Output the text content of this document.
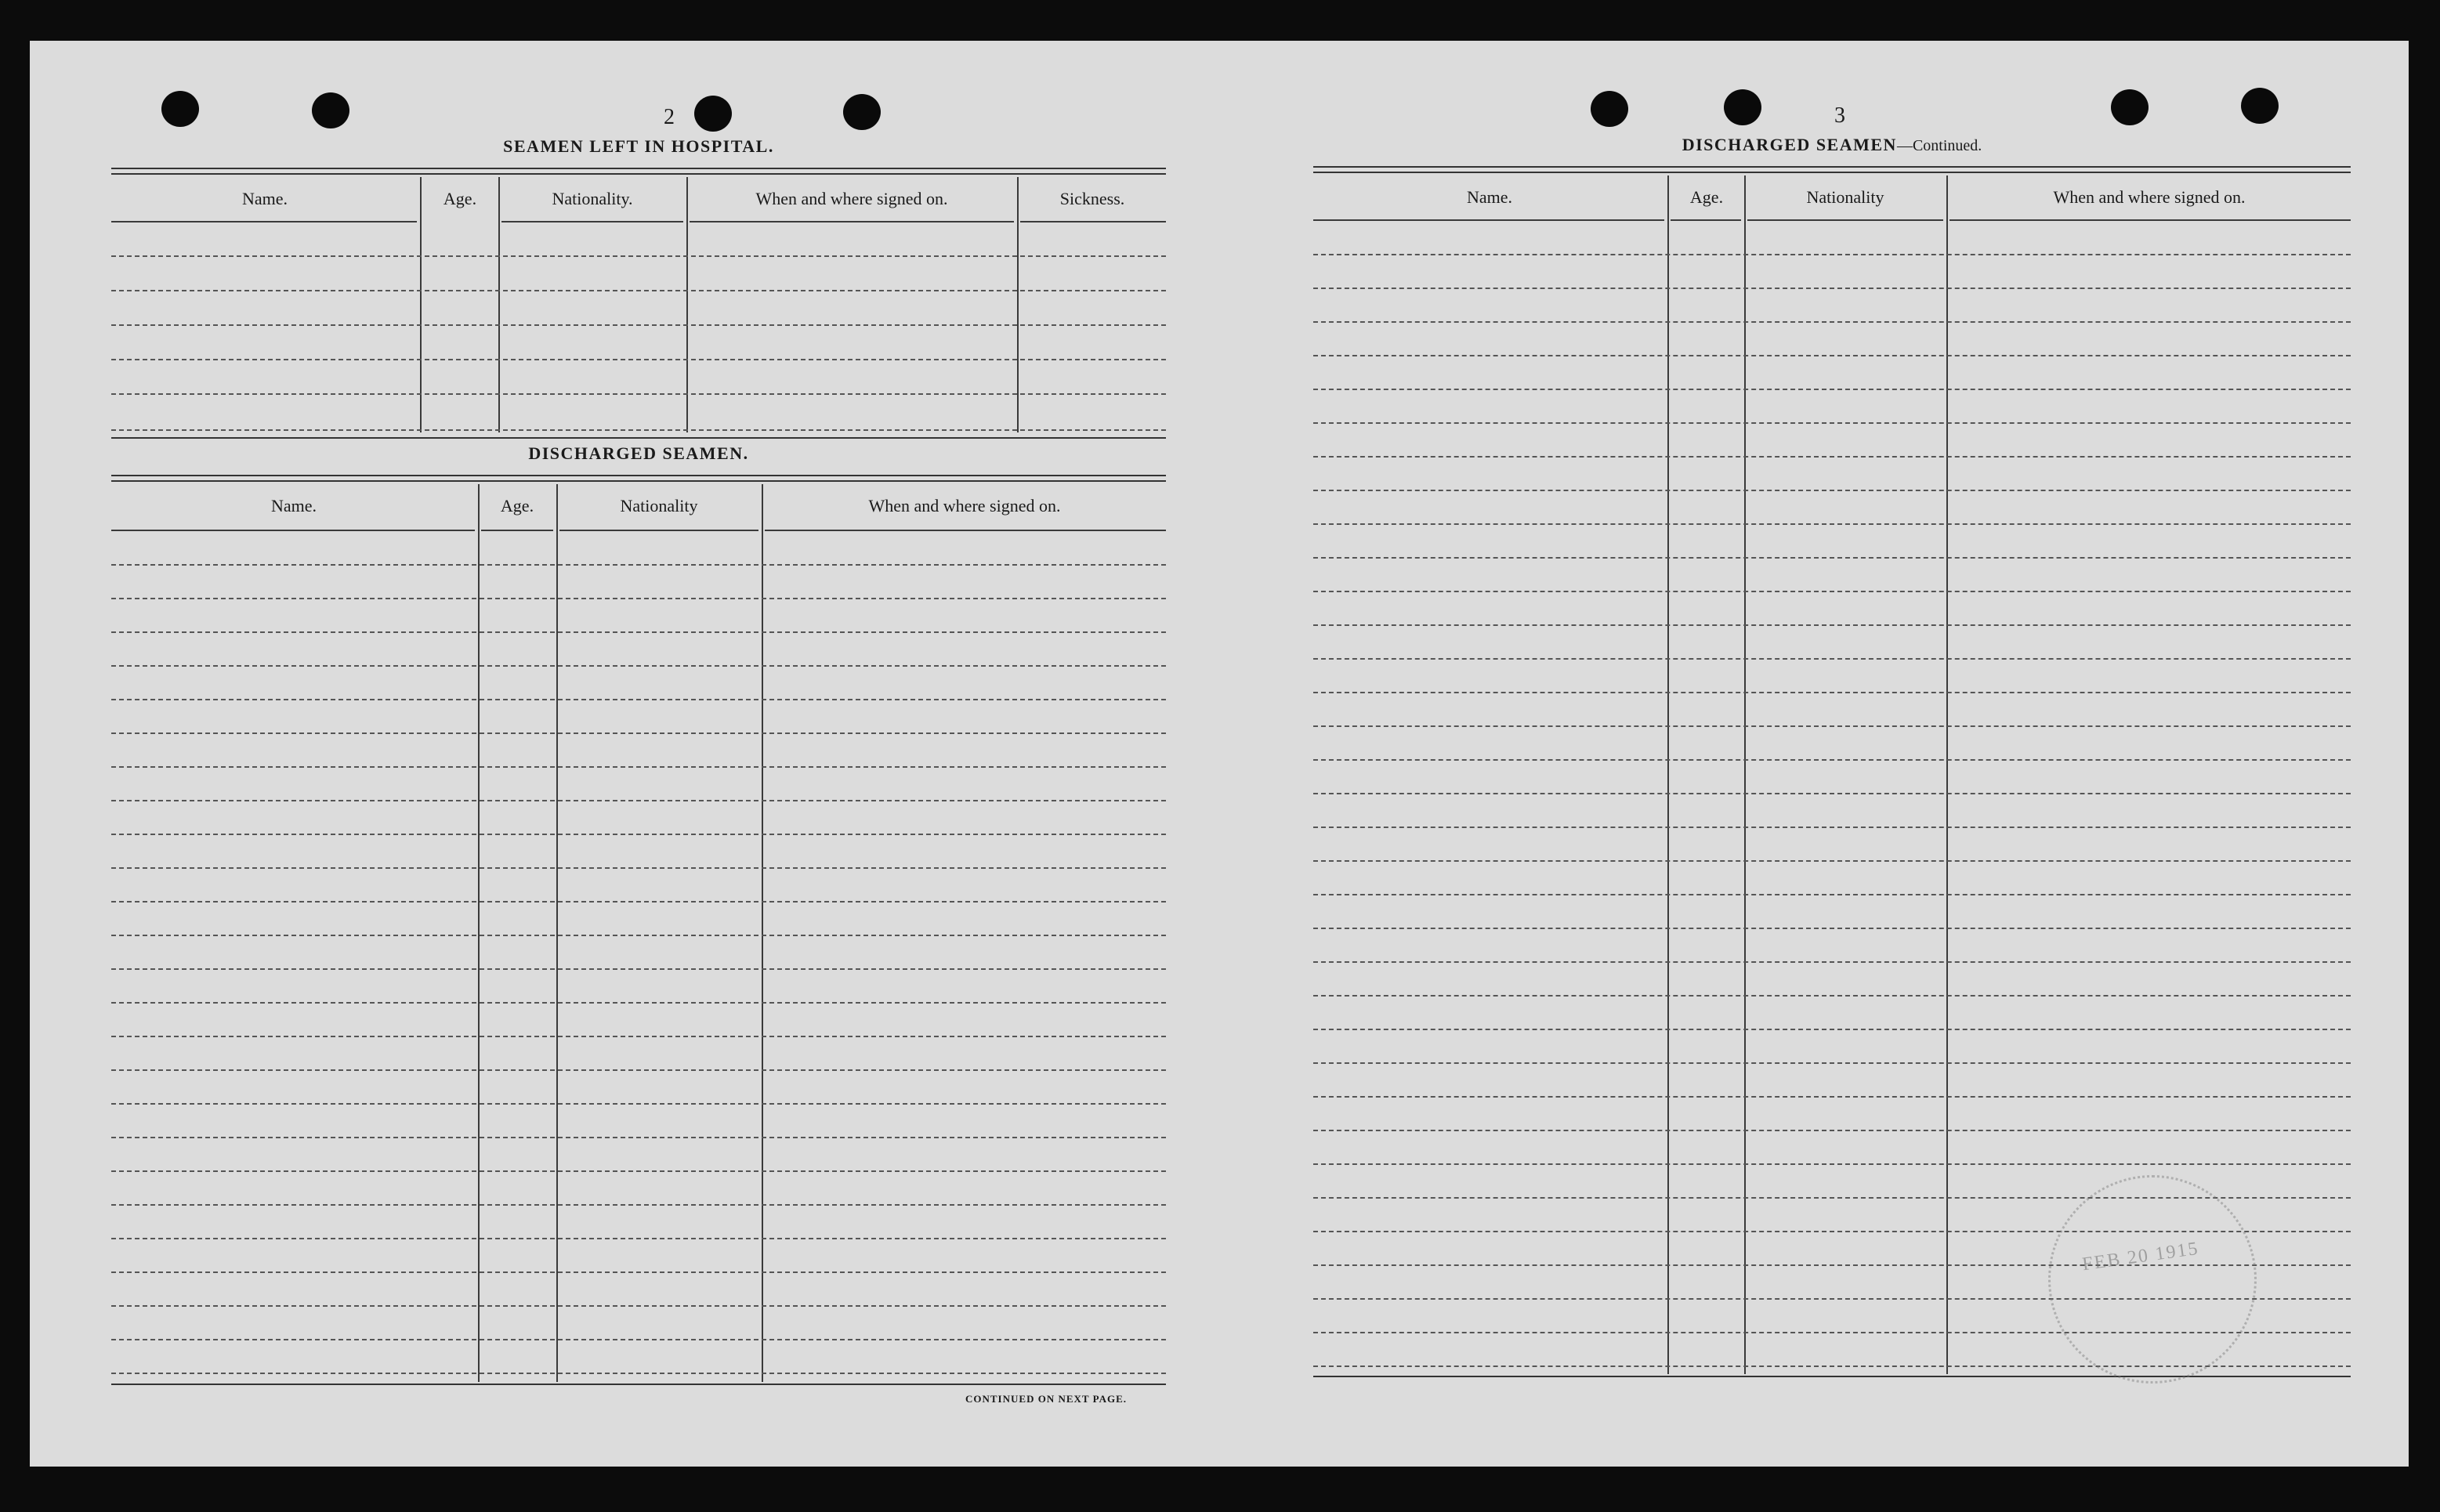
2
SEAMEN LEFT IN HOSPITAL.
Name.	Age.	Nationality.	When and where signed on.	Sickness.
DISCHARGED SEAMEN.
Name.	Age.	Nationality	When and where signed on.
CONTINUED ON NEXT PAGE.
3
DISCHARGED SEAMEN—Continued.
Name.	Age.	Nationality	When and where signed on.
FEB 20 1915
